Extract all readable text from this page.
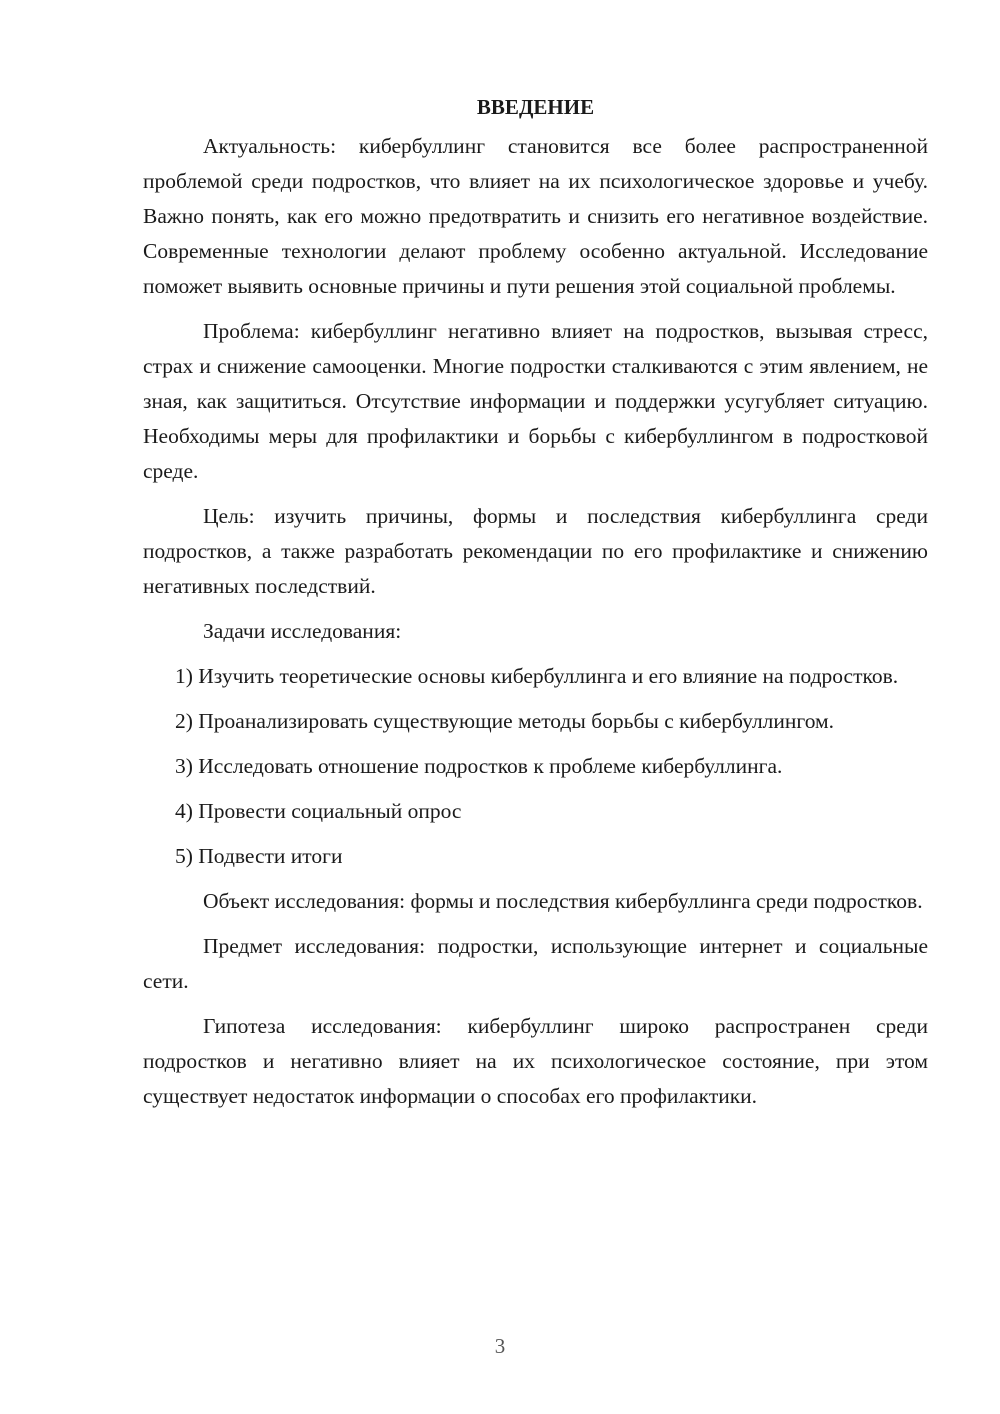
ВВЕДЕНИЕ

Актуальность: кибербуллинг становится все более распространенной проблемой среди подростков, что влияет на их психологическое здоровье и учебу. Важно понять, как его можно предотвратить и снизить его негативное воздействие. Современные технологии делают проблему особенно актуальной. Исследование поможет выявить основные причины и пути решения этой социальной проблемы.

Проблема: кибербуллинг негативно влияет на подростков, вызывая стресс, страх и снижение самооценки. Многие подростки сталкиваются с этим явлением, не зная, как защититься. Отсутствие информации и поддержки усугубляет ситуацию. Необходимы меры для профилактики и борьбы с кибербуллингом в подростковой среде.

Цель: изучить причины, формы и последствия кибербуллинга среди подростков, а также разработать рекомендации по его профилактике и снижению негативных последствий.

Задачи исследования:

1) Изучить теоретические основы кибербуллинга и его влияние на подростков.

2) Проанализировать существующие методы борьбы с кибербуллингом.

3) Исследовать отношение подростков к проблеме кибербуллинга.

4) Провести социальный опрос

5) Подвести итоги

Объект исследования: формы и последствия кибербуллинга среди подростков.

Предмет исследования: подростки, использующие интернет и социальные сети.

Гипотеза исследования: кибербуллинг широко распространен среди подростков и негативно влияет на их психологическое состояние, при этом существует недостаток информации о способах его профилактики.

3
